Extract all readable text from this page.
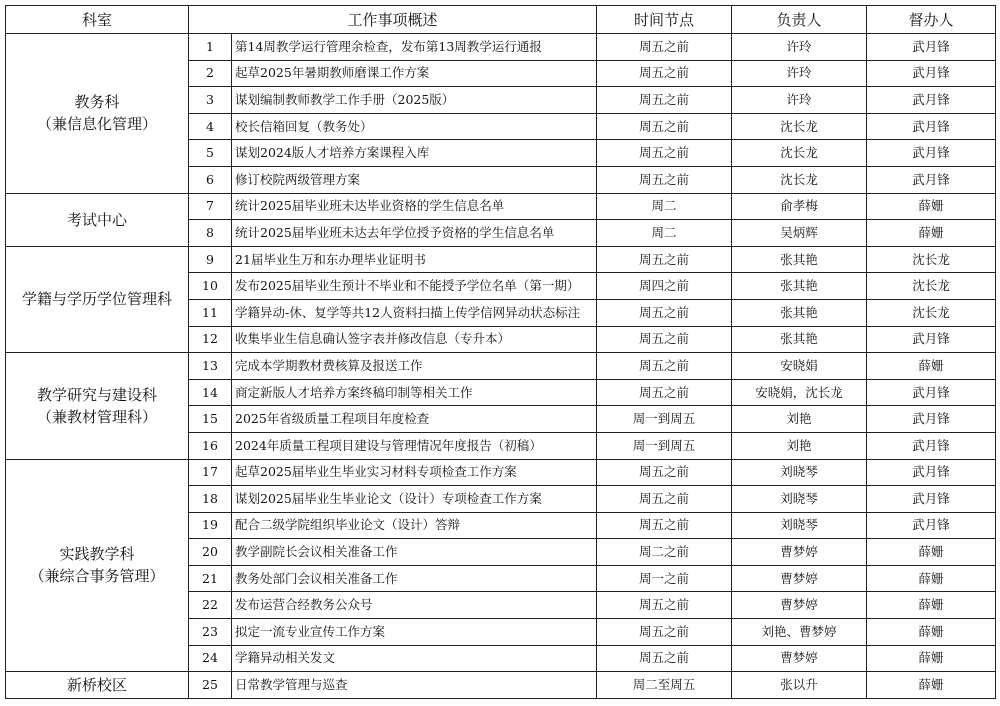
科室	工作事项概述		时间节点	负责人	督办人

教务科
（兼信息化管理）	1	第14周教学运行管理余检查，发布第13周教学运行通报	周五之前	许玲	武月锋
	2	起草2025年暑期教师磨课工作方案	周五之前	许玲	武月锋
	3	谋划编制教师教学工作手册（2025版）	周五之前	许玲	武月锋
	4	校长信箱回复（教务处）	周五之前	沈长龙	武月锋
	5	谋划2024版人才培养方案课程入库	周五之前	沈长龙	武月锋
	6	修订校院两级管理方案	周五之前	沈长龙	武月锋

考试中心	7	统计2025届毕业班未达毕业资格的学生信息名单	周二	俞孝梅	薛姗
	8	统计2025届毕业班未达去年学位授予资格的学生信息名单	周二	吴炳辉	薛姗

学籍与学历学位管理科	9	21届毕业生万和东办理毕业证明书	周五之前	张其艳	沈长龙
	10	发布2025届毕业生预计不毕业和不能授予学位名单（第一期）	周四之前	张其艳	沈长龙
	11	学籍异动-休、复学等共12人资料扫描上传学信网异动状态标注	周五之前	张其艳	沈长龙
	12	收集毕业生信息确认签字表并修改信息（专升本）	周五之前	张其艳	武月锋

教学研究与建设科
（兼教材管理科）	13	完成本学期教材费核算及报送工作	周五之前	安晓娟	薛姗
	14	商定新版人才培养方案终稿印制等相关工作	周五之前	安晓娟，沈长龙	武月锋
	15	2025年省级质量工程项目年度检查	周一到周五	刘艳	武月锋
	16	2024年质量工程项目建设与管理情况年度报告（初稿）	周一到周五	刘艳	武月锋

实践教学科
（兼综合事务管理）	17	起草2025届毕业生毕业实习材料专项检查工作方案	周五之前	刘晓琴	武月锋
	18	谋划2025届毕业生毕业论文（设计）专项检查工作方案	周五之前	刘晓琴	武月锋
	19	配合二级学院组织毕业论文（设计）答辩	周五之前	刘晓琴	武月锋
	20	教学副院长会议相关准备工作	周二之前	曹梦婷	薛姗
	21	教务处部门会议相关准备工作	周一之前	曹梦婷	薛姗
	22	发布运营合经教务公众号	周五之前	曹梦婷	薛姗
	23	拟定一流专业宣传工作方案	周五之前	刘艳、曹梦婷	薛姗
	24	学籍异动相关发文	周五之前	曹梦婷	薛姗

新桥校区	25	日常教学管理与巡查	周二至周五	张以升	薛姗
